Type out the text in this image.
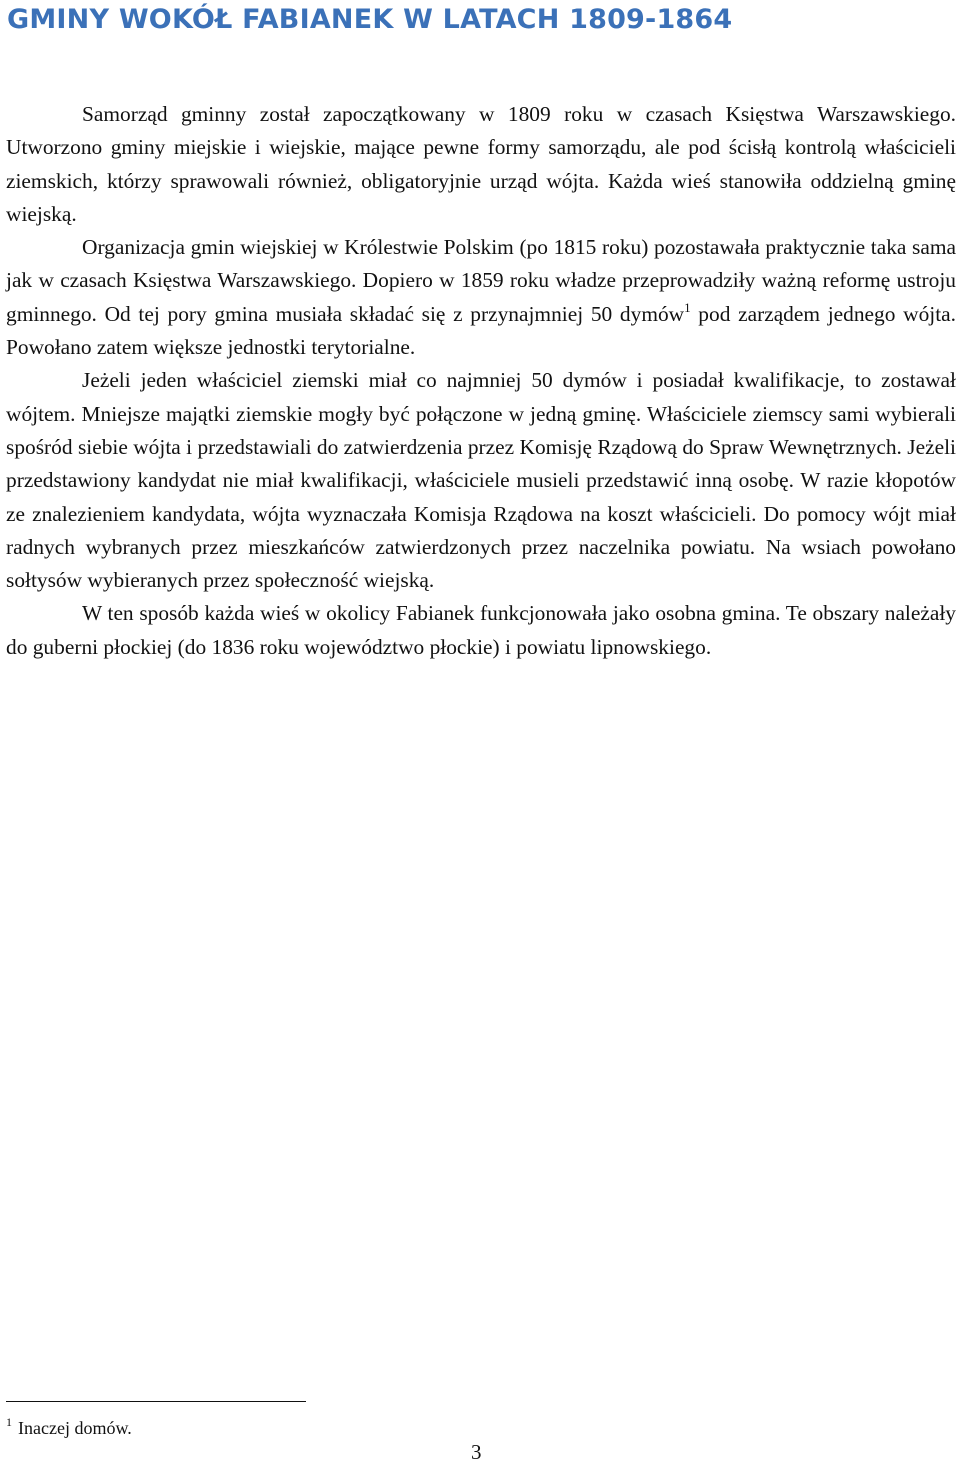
GMINY WOKÓŁ FABIANEK W LATACH 1809-1864

Samorząd gminny został zapoczątkowany w 1809 roku w czasach Księstwa Warszawskiego. Utworzono gminy miejskie i wiejskie, mające pewne formy samorządu, ale pod ścisłą kontrolą właścicieli ziemskich, którzy sprawowali również, obligatoryjnie urząd wójta. Każda wieś stanowiła oddzielną gminę wiejską.

Organizacja gmin wiejskiej w Królestwie Polskim (po 1815 roku) pozostawała praktycznie taka sama jak w czasach Księstwa Warszawskiego. Dopiero w 1859 roku władze przeprowadziły ważną reformę ustroju gminnego. Od tej pory gmina musiała składać się z przynajmniej 50 dymów$^1$ pod zarządem jednego wójta. Powołano zatem większe jednostki terytorialne.

Jeżeli jeden właściciel ziemski miał co najmniej 50 dymów i posiadał kwalifikacje, to zostawał wójtem. Mniejsze majątki ziemskie mogły być połączone w jedną gminę. Właściciele ziemscy sami wybierali spośród siebie wójta i przedstawiali do zatwierdzenia przez Komisję Rządową do Spraw Wewnętrznych. Jeżeli przedstawiony kandydat nie miał kwalifikacji, właściciele musieli przedstawić inną osobę. W razie kłopotów ze znalezieniem kandydata, wójta wyznaczała Komisja Rządowa na koszt właścicieli. Do pomocy wójt miał radnych wybranych przez mieszkańców zatwierdzonych przez naczelnika powiatu. Na wsiach powołano sołtysów wybieranych przez społeczność wiejską.

W ten sposób każda wieś w okolicy Fabianek funkcjonowała jako osobna gmina. Te obszary należały do guberni płockiej (do 1836 roku województwo płockie) i powiatu lipnowskiego.

$^1$ Inaczej domów.
3
